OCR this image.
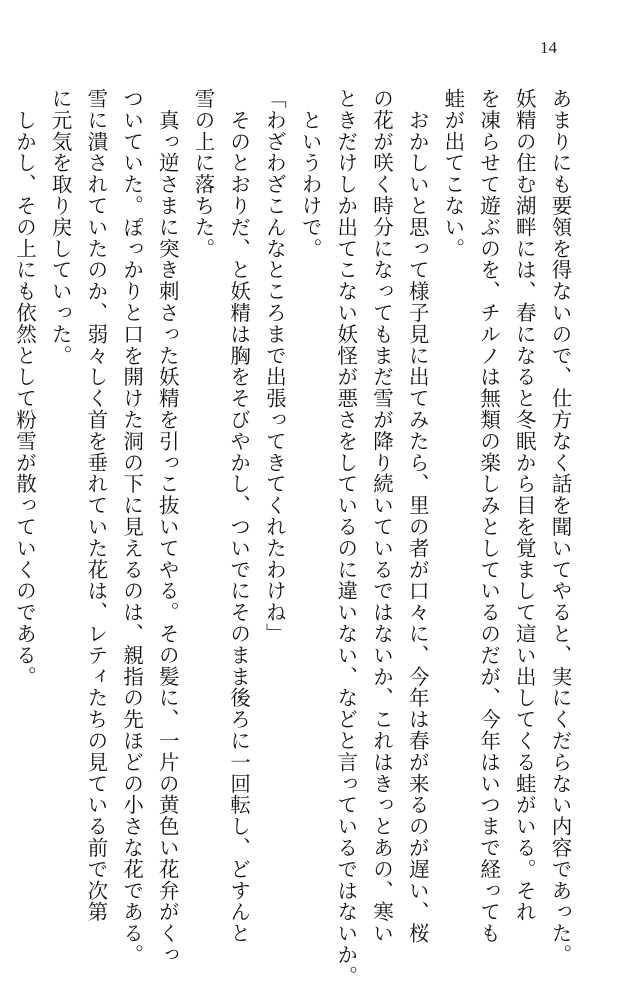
14
あまりにも要領を得ないので、仕方なく話を聞いてやると、実にくだらない内容であった。
妖精の住む湖畔には、春になると冬眠から目を覚まして這い出してくる蛙がいる。それ
を凍らせて遊ぶのを、チルノは無類の楽しみとしているのだが、今年はいつまで経っても
蛙が出てこない。
　おかしいと思って様子見に出てみたら、里の者が口々に、今年は春が来るのが遅い、桜
の花が咲く時分になってもまだ雪が降り続いているではないか、これはきっとあの、寒い
ときだけしか出てこない妖怪が悪さをしているのに違いない、などと言っているではないか。
　というわけで。
「わざわざこんなところまで出張ってきてくれたわけね」
　そのとおりだ、と妖精は胸をそびやかし、ついでにそのまま後ろに一回転し、どすんと
雪の上に落ちた。
　真っ逆さまに突き刺さった妖精を引っこ抜いてやる。その髪に、一片の黄色い花弁がくっ
ついていた。ぽっかりと口を開けた洞の下に見えるのは、親指の先ほどの小さな花である。
雪に潰されていたのか、弱々しく首を垂れていた花は、レティたちの見ている前で次第
に元気を取り戻していった。
　しかし、その上にも依然として粉雪が散っていくのである。
